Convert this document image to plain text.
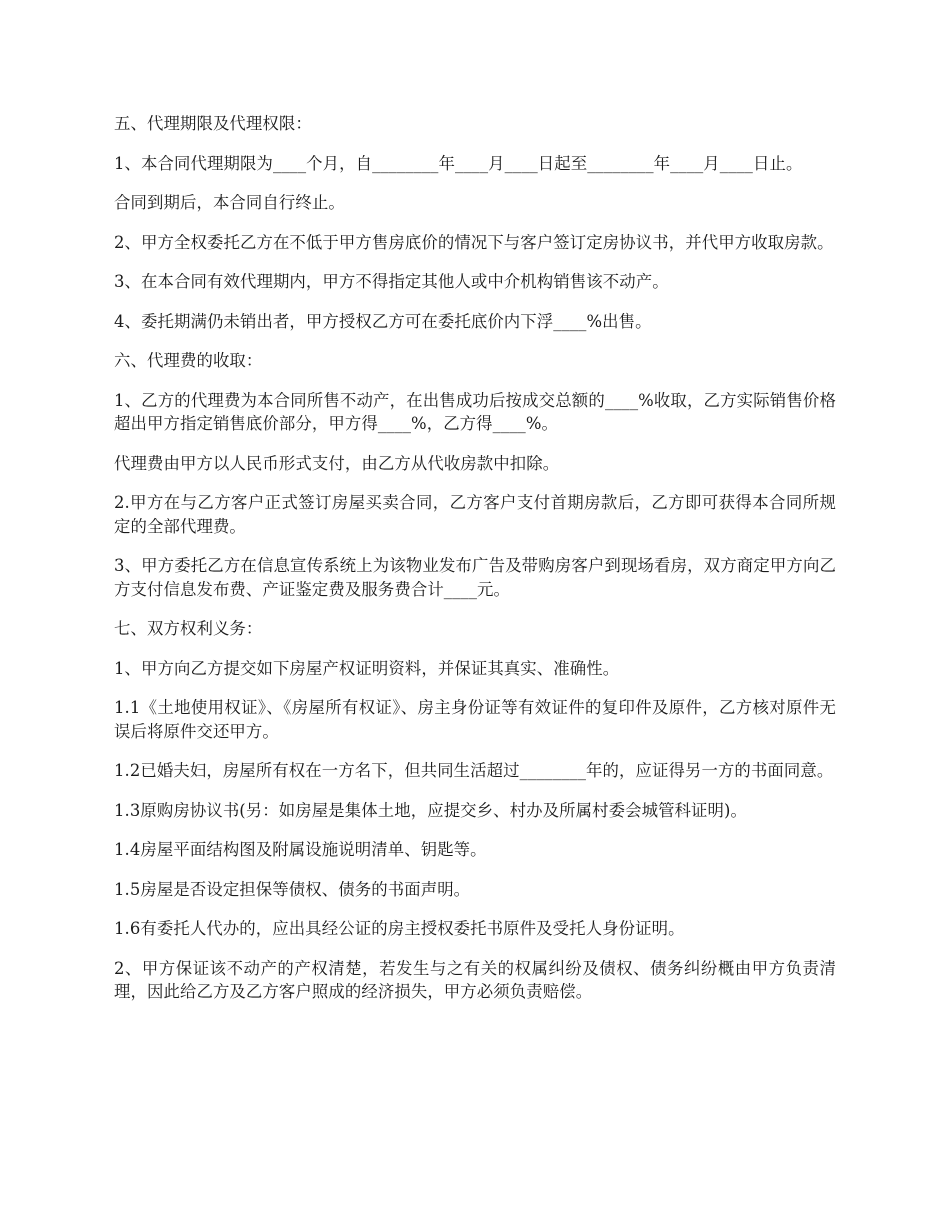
五、代理期限及代理权限：

1、本合同代理期限为____个月，自________年____月____日起至________年____月____日止。

合同到期后，本合同自行终止。

2、甲方全权委托乙方在不低于甲方售房底价的情况下与客户签订定房协议书，并代甲方收取房款。

3、在本合同有效代理期内，甲方不得指定其他人或中介机构销售该不动产。

4、委托期满仍未销出者，甲方授权乙方可在委托底价内下浮____%出售。

六、代理费的收取：

1、乙方的代理费为本合同所售不动产，在出售成功后按成交总额的____%收取，乙方实际销售价格超出甲方指定销售底价部分，甲方得____%，乙方得____%。

代理费由甲方以人民币形式支付，由乙方从代收房款中扣除。

2.甲方在与乙方客户正式签订房屋买卖合同，乙方客户支付首期房款后，乙方即可获得本合同所规定的全部代理费。

3、甲方委托乙方在信息宣传系统上为该物业发布广告及带购房客户到现场看房，双方商定甲方向乙方支付信息发布费、产证鉴定费及服务费合计____元。

七、双方权利义务：

1、甲方向乙方提交如下房屋产权证明资料，并保证其真实、准确性。

1.1《土地使用权证》、《房屋所有权证》、房主身份证等有效证件的复印件及原件，乙方核对原件无误后将原件交还甲方。

1.2已婚夫妇，房屋所有权在一方名下，但共同生活超过________年的，应证得另一方的书面同意。

1.3原购房协议书(另：如房屋是集体土地，应提交乡、村办及所属村委会城管科证明)。

1.4房屋平面结构图及附属设施说明清单、钥匙等。

1.5房屋是否设定担保等债权、债务的书面声明。

1.6有委托人代办的，应出具经公证的房主授权委托书原件及受托人身份证明。

2、甲方保证该不动产的产权清楚，若发生与之有关的权属纠纷及债权、债务纠纷概由甲方负责清理，因此给乙方及乙方客户照成的经济损失，甲方必须负责赔偿。
